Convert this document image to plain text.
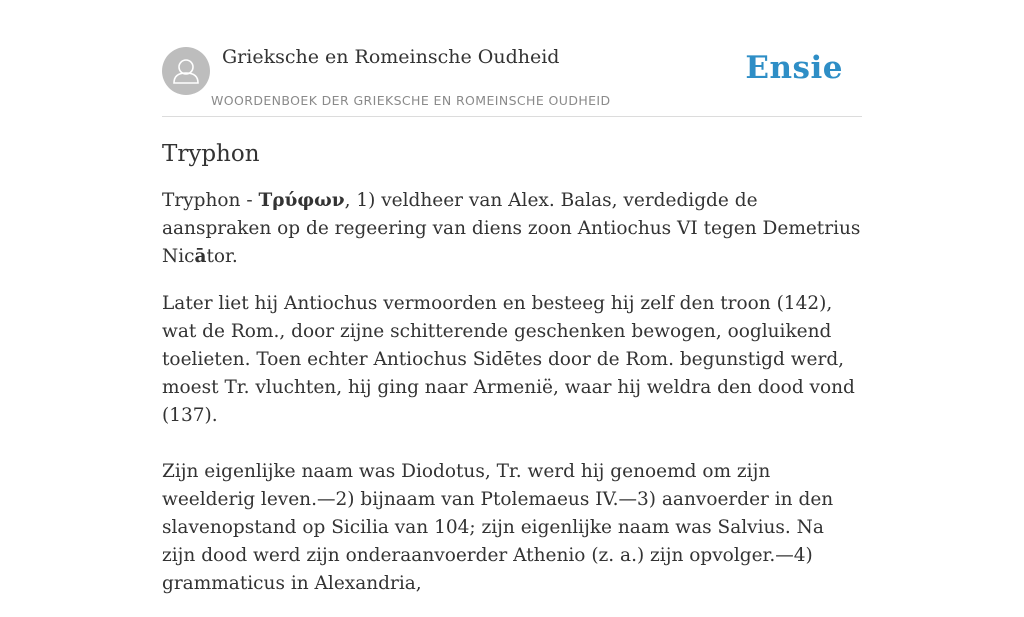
Grieksche en Romeinsche Oudheid
WOORDENBOEK DER GRIEKSCHE EN ROMEINSCHE OUDHEID
Ensie
Tryphon

Tryphon - Τρύφων, 1) veldheer van Alex. Balas, verdedigde de aanspraken op de regeering van diens zoon Antiochus VI tegen Demetrius Nicātor.

Later liet hij Antiochus vermoorden en besteeg hij zelf den troon (142), wat de Rom., door zijne schitterende geschenken bewogen, oogluikend toelieten. Toen echter Antiochus Sidētes door de Rom. begunstigd werd, moest Tr. vluchten, hij ging naar Armenië, waar hij weldra den dood vond (137).

Zijn eigenlijke naam was Diodotus, Tr. werd hij genoemd om zijn weelderig leven.—2) bijnaam van Ptolemaeus IV.—3) aanvoerder in den slavenopstand op Sicilia van 104; zijn eigenlijke naam was Salvius. Na zijn dood werd zijn onderaanvoerder Athenio (z. a.) zijn opvolger.—4) grammaticus in Alexandria,
